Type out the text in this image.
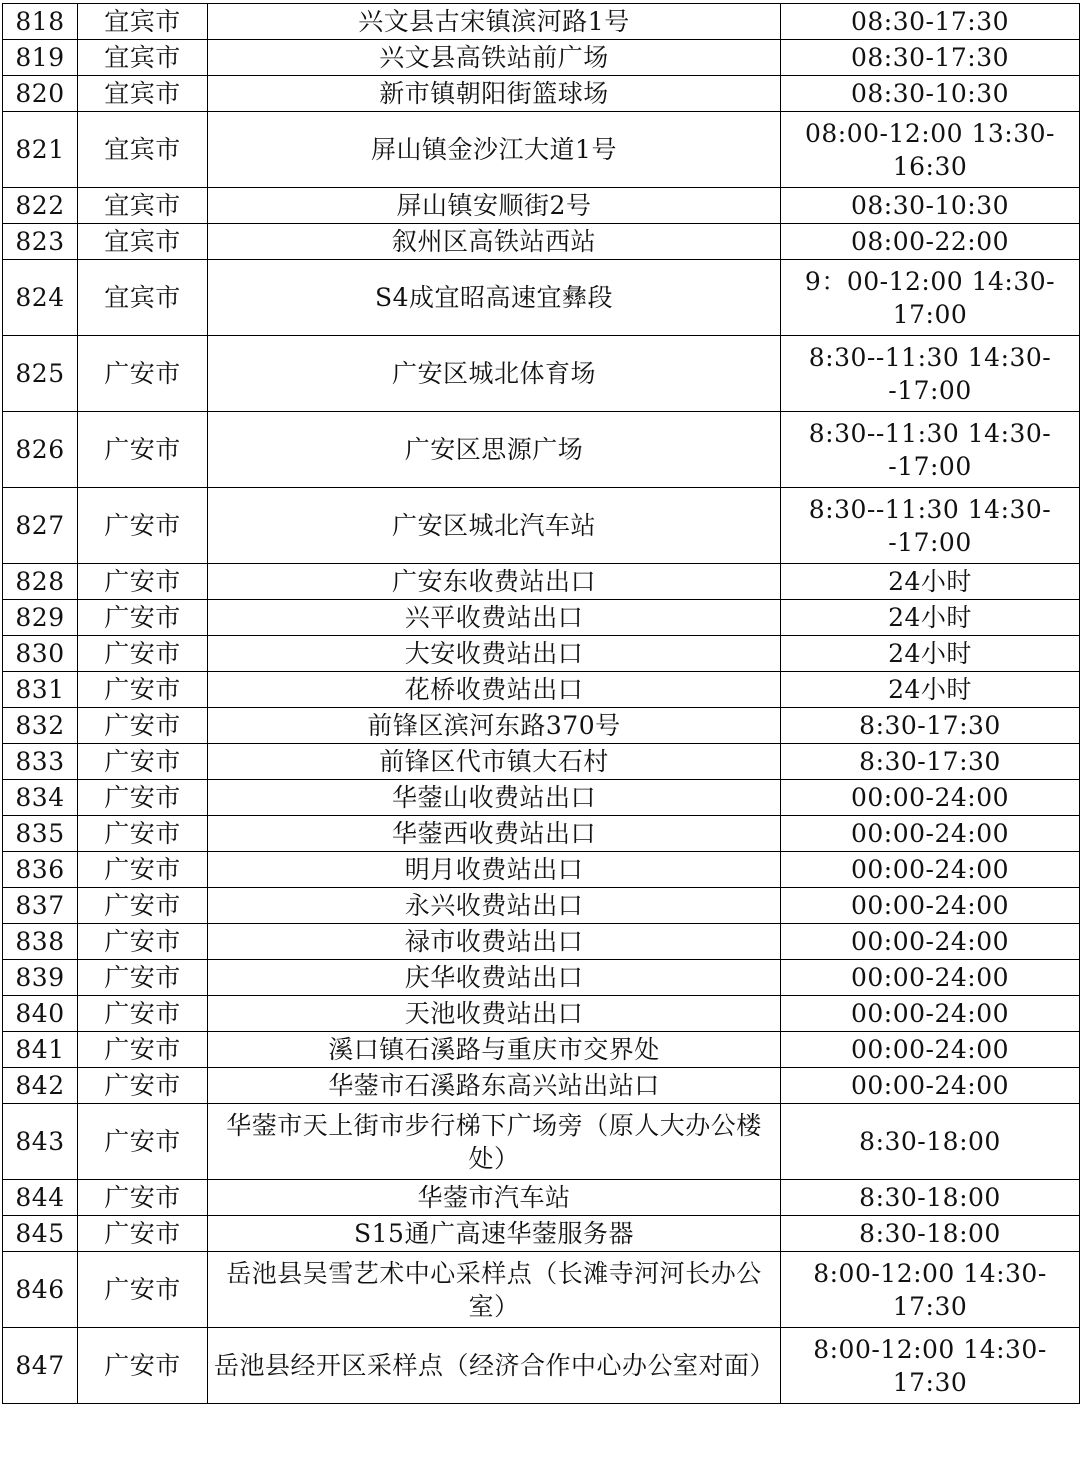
818	宜宾市	兴文县古宋镇滨河路1号	08:30-17:30
819	宜宾市	兴文县高铁站前广场	08:30-17:30
820	宜宾市	新市镇朝阳街篮球场	08:30-10:30
821	宜宾市	屏山镇金沙江大道1号	08:00-12:00 13:30-16:30
822	宜宾市	屏山镇安顺街2号	08:30-10:30
823	宜宾市	叙州区高铁站西站	08:00-22:00
824	宜宾市	S4成宜昭高速宜彝段	9：00-12:00 14:30-17:00
825	广安市	广安区城北体育场	8:30--11:30 14:30--17:00
826	广安市	广安区思源广场	8:30--11:30 14:30--17:00
827	广安市	广安区城北汽车站	8:30--11:30 14:30--17:00
828	广安市	广安东收费站出口	24小时
829	广安市	兴平收费站出口	24小时
830	广安市	大安收费站出口	24小时
831	广安市	花桥收费站出口	24小时
832	广安市	前锋区滨河东路370号	8:30-17:30
833	广安市	前锋区代市镇大石村	8:30-17:30
834	广安市	华蓥山收费站出口	00:00-24:00
835	广安市	华蓥西收费站出口	00:00-24:00
836	广安市	明月收费站出口	00:00-24:00
837	广安市	永兴收费站出口	00:00-24:00
838	广安市	禄市收费站出口	00:00-24:00
839	广安市	庆华收费站出口	00:00-24:00
840	广安市	天池收费站出口	00:00-24:00
841	广安市	溪口镇石溪路与重庆市交界处	00:00-24:00
842	广安市	华蓥市石溪路东高兴站出站口	00:00-24:00
843	广安市	华蓥市天上街市步行梯下广场旁（原人大办公楼处）	8:30-18:00
844	广安市	华蓥市汽车站	8:30-18:00
845	广安市	S15通广高速华蓥服务器	8:30-18:00
846	广安市	岳池县吴雪艺术中心采样点（长滩寺河河长办公室）	8:00-12:00 14:30-17:30
847	广安市	岳池县经开区采样点（经济合作中心办公室对面）	8:00-12:00 14:30-17:30
